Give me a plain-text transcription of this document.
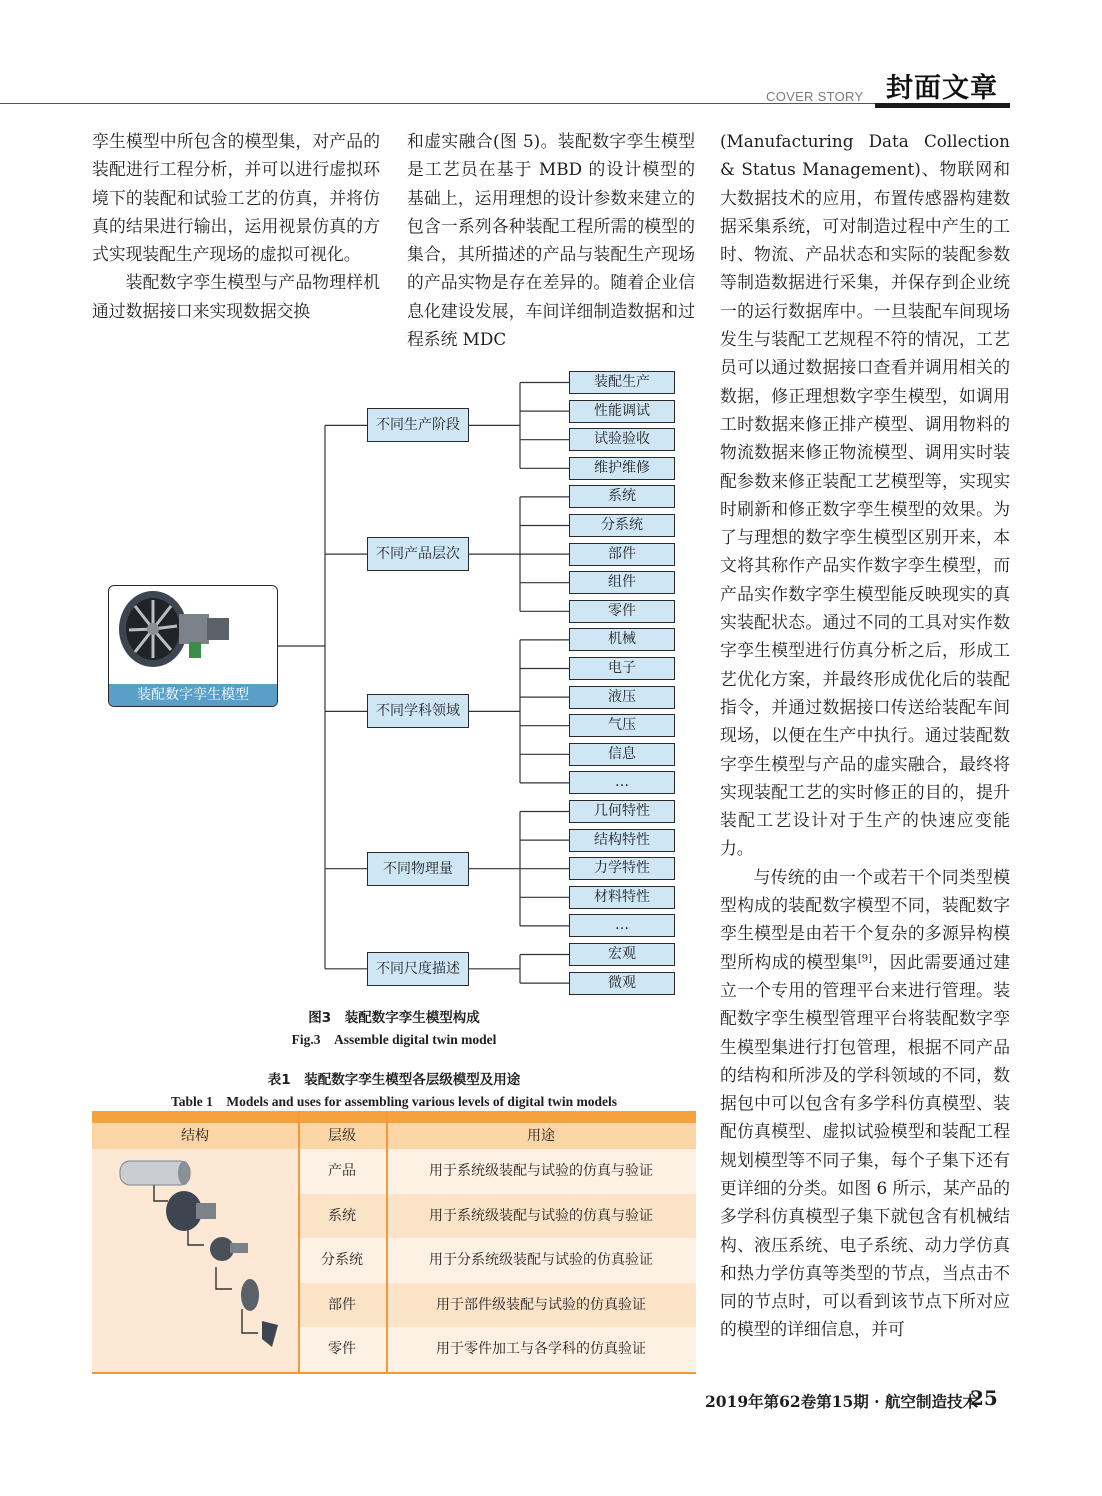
COVER STORY 封面文章

孪生模型中所包含的模型集，对产品的装配进行工程分析，并可以进行虚拟环境下的装配和试验工艺的仿真，并将仿真的结果进行输出，运用视景仿真的方式实现装配生产现场的虚拟可视化。

装配数字孪生模型与产品物理样机通过数据接口来实现数据交换

和虚实融合(图 5)。装配数字孪生模型是工艺员在基于 MBD 的设计模型的基础上，运用理想的设计参数来建立的包含一系列各种装配工程所需的模型的集合，其所描述的产品与装配生产现场的产品实物是存在差异的。随着企业信息化建设发展，车间详细制造数据和过程系统 MDC

(Manufacturing Data Collection & Status Management)、物联网和大数据技术的应用，布置传感器构建数据采集系统，可对制造过程中产生的工时、物流、产品状态和实际的装配参数等制造数据进行采集，并保存到企业统一的运行数据库中。一旦装配车间现场发生与装配工艺规程不符的情况，工艺员可以通过数据接口查看并调用相关的数据，修正理想数字孪生模型，如调用工时数据来修正排产模型、调用物料的物流数据来修正物流模型、调用实时装配参数来修正装配工艺模型等，实现实时刷新和修正数字孪生模型的效果。为了与理想的数字孪生模型区别开来，本文将其称作产品实作数字孪生模型，而产品实作数字孪生模型能反映现实的真实装配状态。通过不同的工具对实作数字孪生模型进行仿真分析之后，形成工艺优化方案，并最终形成优化后的装配指令，并通过数据接口传送给装配车间现场，以便在生产中执行。通过装配数字孪生模型与产品的虚实融合，最终将实现装配工艺的实时修正的目的，提升装配工艺设计对于生产的快速应变能力。

与传统的由一个或若干个同类型模型构成的装配数字模型不同，装配数字孪生模型是由若干个复杂的多源异构模型所构成的模型集[9]，因此需要通过建立一个专用的管理平台来进行管理。装配数字孪生模型管理平台将装配数字孪生模型集进行打包管理，根据不同产品的结构和所涉及的学科领域的不同，数据包中可以包含有多学科仿真模型、装配仿真模型、虚拟试验模型和装配工程规划模型等不同子集，每个子集下还有更详细的分类。如图 6 所示，某产品的多学科仿真模型子集下就包含有机械结构、液压系统、电子系统、动力学仿真和热力学仿真等类型的节点，当点击不同的节点时，可以看到该节点下所对应的模型的详细信息，并可

装配数字孪生模型
装配生产
性能调试
试验验收
维护维修
不同生产阶段
系统
分系统
部件
组件
零件
不同产品层次
机械
电子
液压
气压
信息
…
不同学科领域
几何特性
结构特性
力学特性
材料特性
…
不同物理量
宏观
微观
不同尺度描述
图3　装配数字孪生模型构成
Fig.3　Assemble digital twin model
表1　装配数字孪生模型各层级模型及用途
Table 1　Models and uses for assembling various levels of digital twin models
结构	层级	用途
产品	用于系统级装配与试验的仿真与验证
系统	用于系统级装配与试验的仿真与验证
分系统	用于分系统级装配与试验的仿真验证
部件	用于部件级装配与试验的仿真验证
零件	用于零件加工与各学科的仿真验证
2019年第62卷第15期 · 航空制造技术
25
